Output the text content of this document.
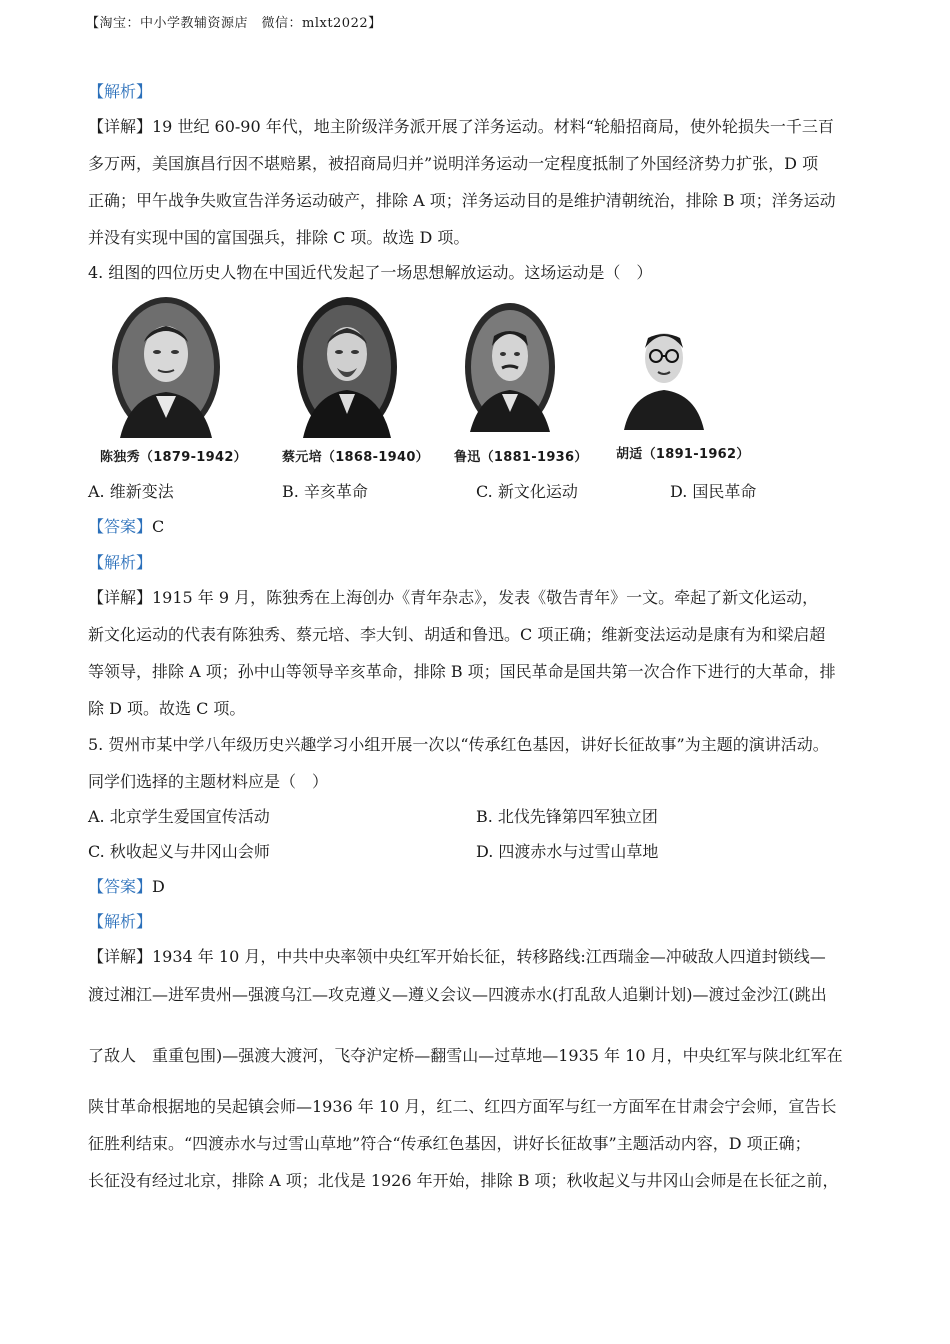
【淘宝：中小学教辅资源店　微信：mlxt2022】
【解析】
【详解】19 世纪 60-90 年代，地主阶级洋务派开展了洋务运动。材料“轮船招商局，使外轮损失一千三百
多万两，美国旗昌行因不堪赔累，被招商局归并”说明洋务运动一定程度抵制了外国经济势力扩张，D 项
正确；甲午战争失败宣告洋务运动破产，排除 A 项；洋务运动目的是维护清朝统治，排除 B 项；洋务运动
并没有实现中国的富国强兵，排除 C 项。故选 D 项。
4. 组图的四位历史人物在中国近代发起了一场思想解放运动。这场运动是（　）
陈独秀（1879-1942）	蔡元培（1868-1940） 鲁迅（1881-1936） 胡适（1891-1962）
A. 维新变法	B. 辛亥革命	C. 新文化运动	D. 国民革命
【答案】C
【解析】
【详解】1915 年 9 月，陈独秀在上海创办《青年杂志》，发表《敬告青年》一文。牵起了新文化运动，
新文化运动的代表有陈独秀、蔡元培、李大钊、胡适和鲁迅。C 项正确；维新变法运动是康有为和梁启超
等领导，排除 A 项；孙中山等领导辛亥革命，排除 B 项；国民革命是国共第一次合作下进行的大革命，排
除 D 项。故选 C 项。
5. 贺州市某中学八年级历史兴趣学习小组开展一次以“传承红色基因，讲好长征故事”为主题的演讲活动。
同学们选择的主题材料应是（　）
A. 北京学生爱国宣传活动	B. 北伐先锋第四军独立团
C. 秋收起义与井冈山会师	D. 四渡赤水与过雪山草地
【答案】D
【解析】
【详解】1934 年 10 月，中共中央率领中央红军开始长征，转移路线:江西瑞金—冲破敌人四道封锁线—
渡过湘江—进军贵州—强渡乌江—攻克遵义—遵义会议—四渡赤水(打乱敌人追剿计划)—渡过金沙江(跳出
了敌人　重重包围)—强渡大渡河，飞夺沪定桥—翻雪山—过草地—1935 年 10 月，中央红军与陕北红军在
陕甘革命根据地的吴起镇会师—1936 年 10 月，红二、红四方面军与红一方面军在甘肃会宁会师，宣告长
征胜利结束。“四渡赤水与过雪山草地”符合“传承红色基因，讲好长征故事”主题活动内容，D 项正确；
长征没有经过北京，排除 A 项；北伐是 1926 年开始，排除 B 项；秋收起义与井冈山会师是在长征之前，
